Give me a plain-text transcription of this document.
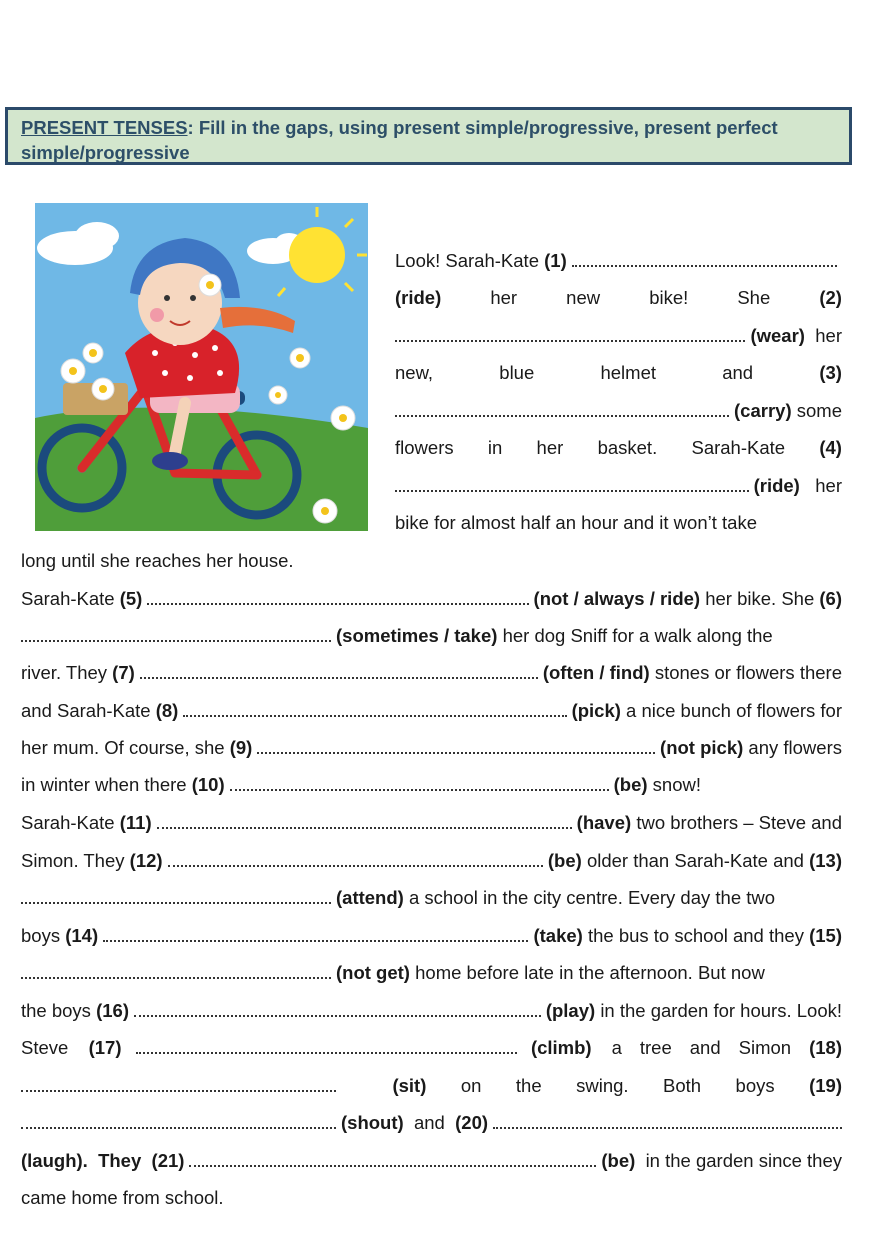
PRESENT TENSES: Fill in the gaps, using present simple/progressive, present perfect simple/progressive
Look! Sarah-Kate
(1)
(ride)	her	new	bike!	She	(2)
(wear)
her
new,	blue	helmet	and	(3)
(carry)
some
flowers in her basket. Sarah-Kate (4)
(ride)
her
bike for almost half an hour and it won’t take
long until she reaches her house.
Sarah-Kate
(5)	(not / always / ride)
her bike. She
(6)
(sometimes / take)
her dog Sniff for a walk along the
river. They
(7)	(often / find)
stones or flowers there
and Sarah-Kate
(8)	(pick)
a nice bunch of flowers for
her mum. Of course, she
(9)	(not pick)
any flowers
in winter when there
(10)	(be)
snow!
Sarah-Kate
(11)	(have)
two brothers – Steve and
Simon. They
(12)	(be)
older than Sarah-Kate and
(13)
(attend)
a school in the city centre. Every day the two
boys
(14)	(take)
the bus to school and they
(15)
(not get)
home before late in the afternoon. But now
the boys
(16)	(play)
in the garden for hours. Look!
Steve
(17)	(climb) a tree and Simon (18)
(sit) on the swing. Both boys (19)
(shout)
and
(20)
(laugh).
They
(21)	(be)
in the garden since they
came home from school.
